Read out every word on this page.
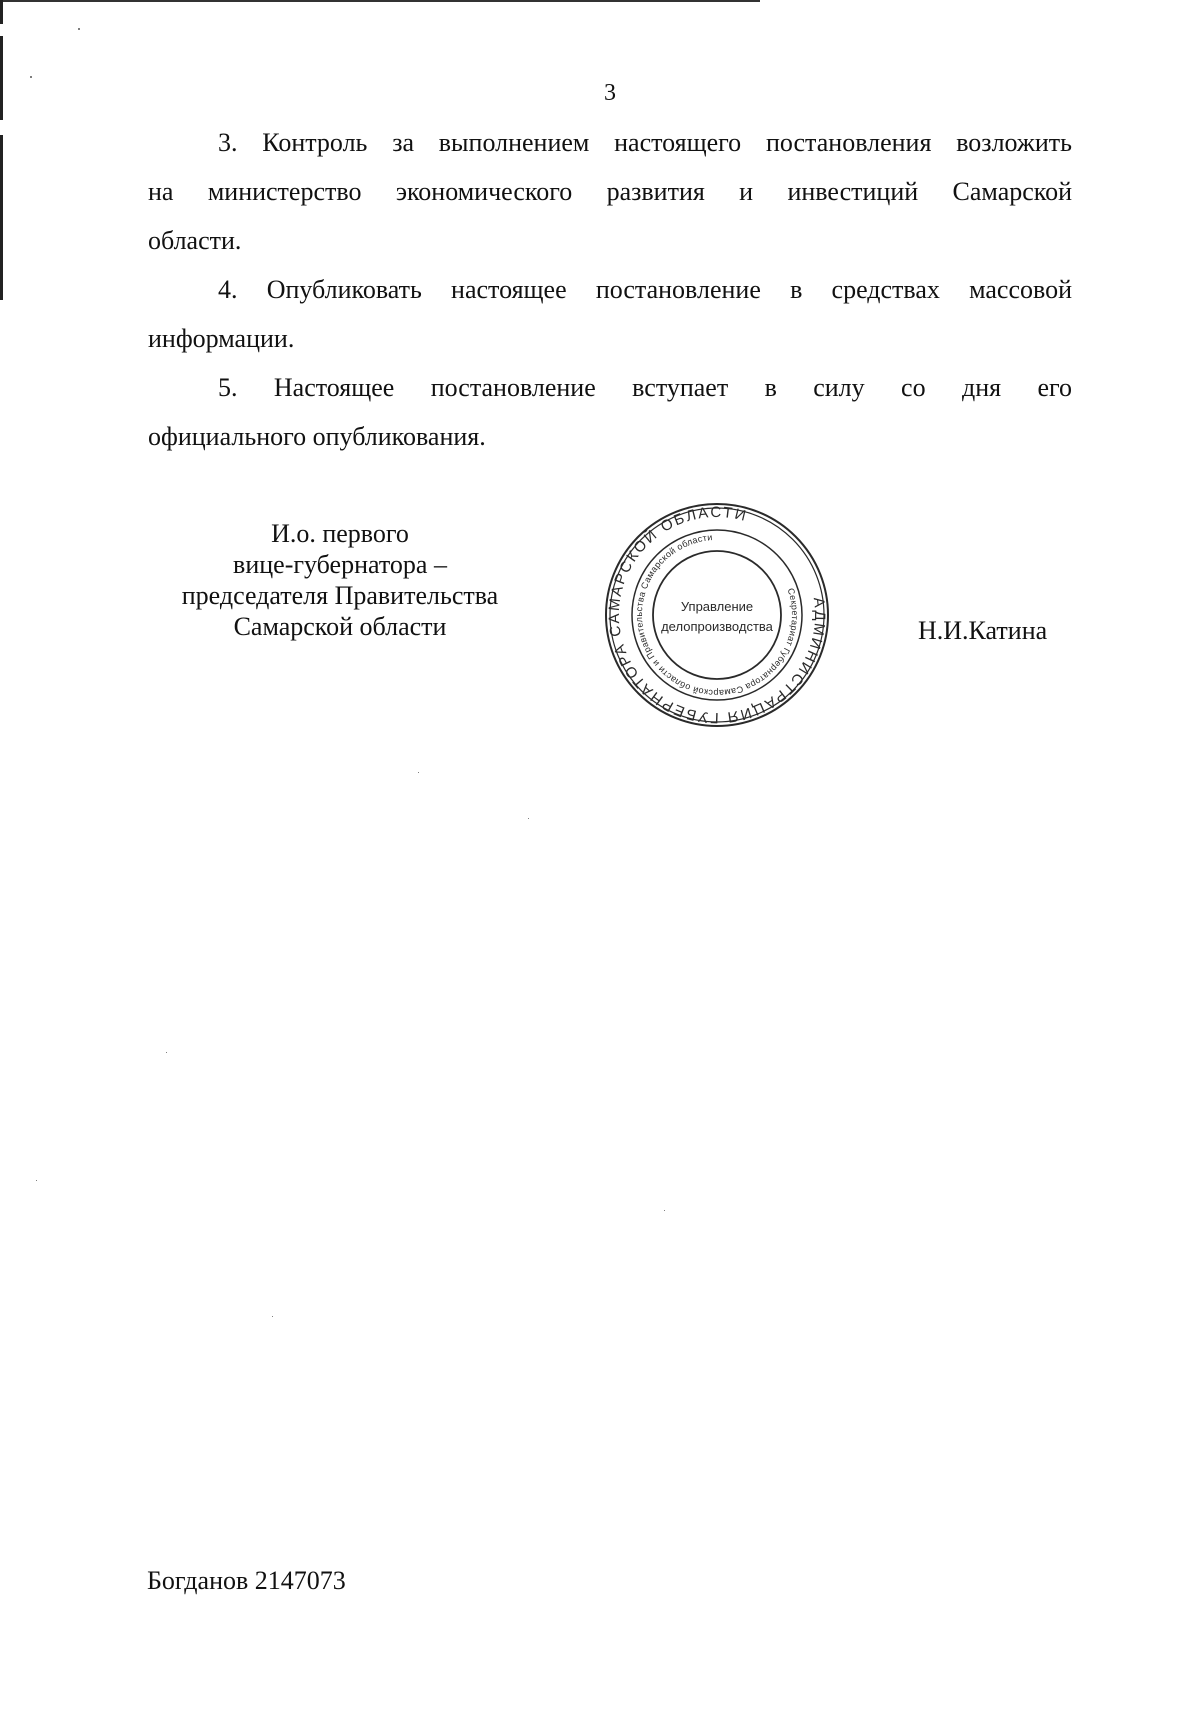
3

3. Контроль за выполнением настоящего постановления возложить

на министерство экономического развития и инвестиций Самарской

области.

4. Опубликовать настоящее постановление в средствах массовой

информации.

5. Настоящее постановление вступает в силу со дня его

официального опубликования.

И.о. первого
вице-губернатора –
председателя Правительства
Самарской области
АДМИНИСТРАЦИЯ ГУБЕРНАТОРА САМАРСКОЙ ОБЛАСТИ
Секретариат Губернатора Самарской области и Правительства Самарской области
Управление
делопроизводства	Н.И.Катина
Богданов 2147073
